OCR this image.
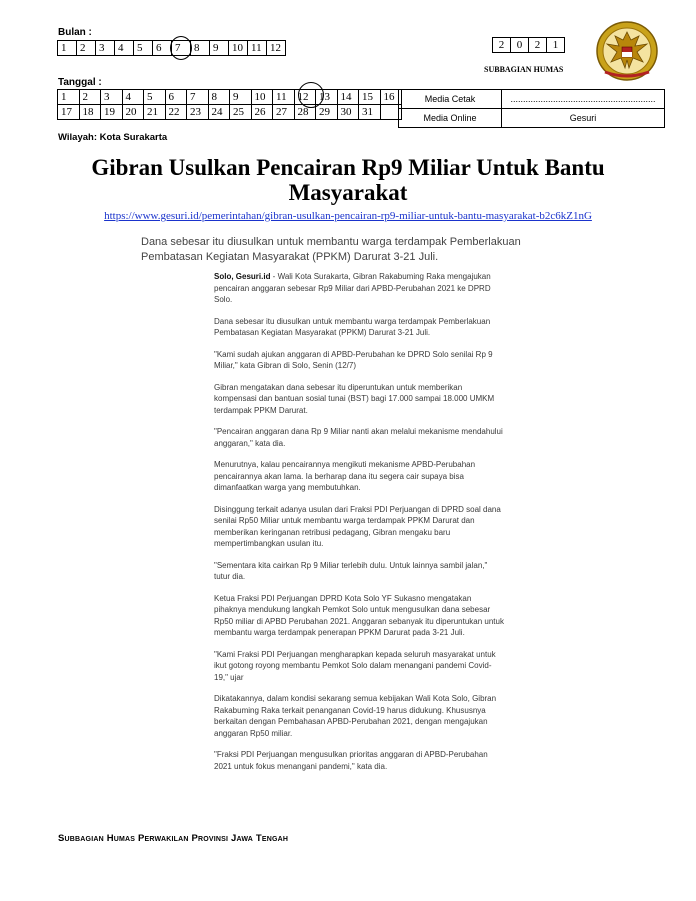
Bulan :
1	2	3	4	5	6	7	8	9	10	11	12	2	0	2	1
SUBBAGIAN HUMAS
Tanggal :
1	2	3	4	5	6	7	8	9	10	11	12	13	14	15	16
17	18	19	20	21	22	23	24	25	26	27	28	29	30	31	
Media Cetak	..........................................................
Media Online	Gesuri
Wilayah: Kota Surakarta
Gibran Usulkan Pencairan Rp9 Miliar Untuk Bantu
Masyarakat
https://www.gesuri.id/pemerintahan/gibran-usulkan-pencairan-rp9-miliar-untuk-bantu-masyarakat-b2c6kZ1nG
Dana sebesar itu diusulkan untuk membantu warga terdampak Pemberlakuan Pembatasan Kegiatan Masyarakat (PPKM) Darurat 3-21 Juli.

Solo, Gesuri.id - Wali Kota Surakarta, Gibran Rakabuming Raka mengajukan pencairan anggaran sebesar Rp9 Miliar dari APBD-Perubahan 2021 ke DPRD Solo.

Dana sebesar itu diusulkan untuk membantu warga terdampak Pemberlakuan Pembatasan Kegiatan Masyarakat (PPKM) Darurat 3-21 Juli.

"Kami sudah ajukan anggaran di APBD-Perubahan ke DPRD Solo senilai Rp 9 Miliar," kata Gibran di Solo, Senin (12/7)

Gibran mengatakan dana sebesar itu diperuntukan untuk memberikan kompensasi dan bantuan sosial tunai (BST) bagi 17.000 sampai 18.000 UMKM terdampak PPKM Darurat.

"Pencairan anggaran dana Rp 9 Miliar nanti akan melalui mekanisme mendahului anggaran," kata dia.

Menurutnya, kalau pencairannya mengikuti mekanisme APBD-Perubahan pencairannya akan lama. Ia berharap dana itu segera cair supaya bisa dimanfaatkan warga yang membutuhkan.

Disinggung terkait adanya usulan dari Fraksi PDI Perjuangan di DPRD soal dana senilai Rp50 Miliar untuk membantu warga terdampak PPKM Darurat dan memberikan keringanan retribusi pedagang, Gibran mengaku baru mempertimbangkan usulan itu.

"Sementara kita cairkan Rp 9 Miliar terlebih dulu. Untuk lainnya sambil jalan," tutur dia.

Ketua Fraksi PDI Perjuangan DPRD Kota Solo YF Sukasno mengatakan pihaknya mendukung langkah Pemkot Solo untuk mengusulkan dana sebesar Rp50 miliar di APBD Perubahan 2021. Anggaran sebanyak itu diperuntukan untuk membantu warga terdampak penerapan PPKM Darurat pada 3-21 Juli.

"Kami Fraksi PDI Perjuangan mengharapkan kepada seluruh masyarakat untuk ikut gotong royong membantu Pemkot Solo dalam menangani pandemi Covid-19," ujar

Dikatakannya, dalam kondisi sekarang semua kebijakan Wali Kota Solo, Gibran Rakabuming Raka terkait penanganan Covid-19 harus didukung. Khususnya berkaitan dengan Pembahasan APBD-Perubahan 2021, dengan mengajukan anggaran Rp50 miliar.

"Fraksi PDI Perjuangan mengusulkan prioritas anggaran di APBD-Perubahan 2021 untuk fokus menangani pandemi," kata dia.

Subbagian Humas Perwakilan Provinsi Jawa Tengah
